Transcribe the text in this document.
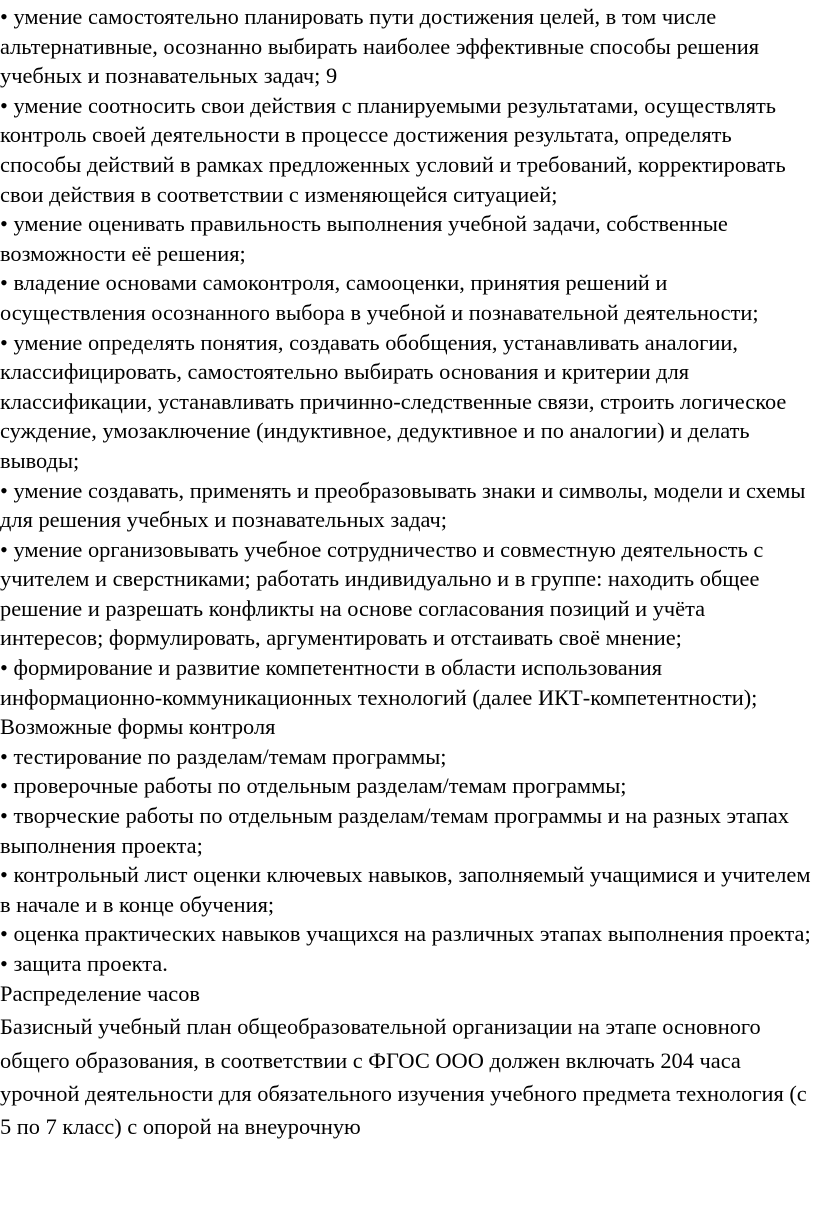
• умение самостоятельно планировать пути достижения целей, в том числе альтернативные, осознанно выбирать наиболее эффективные способы решения учебных и познавательных задач; 9

• умение соотносить свои действия с планируемыми результатами, осуществлять контроль своей деятельности в процессе достижения результата, определять способы действий в рамках предложенных условий и требований, корректировать свои действия в соответствии с изменяющейся ситуацией;

• умение оценивать правильность выполнения учебной задачи, собственные возможности её решения;

• владение основами самоконтроля, самооценки, принятия решений и осуществления осознанного выбора в учебной и познавательной деятельности;

• умение определять понятия, создавать обобщения, устанавливать аналогии, классифицировать, самостоятельно выбирать основания и критерии для классификации, устанавливать причинно-следственные связи, строить логическое суждение, умозаключение (индуктивное, дедуктивное и по аналогии) и делать выводы;

• умение создавать, применять и преобразовывать знаки и символы, модели и схемы для решения учебных и познавательных задач;

• умение организовывать учебное сотрудничество и совместную деятельность с учителем и сверстниками; работать индивидуально и в группе: находить общее решение и разрешать конфликты на основе согласования позиций и учёта интересов; формулировать, аргументировать и отстаивать своё мнение;

• формирование и развитие компетентности в области использования информационно-коммуникационных технологий (далее ИКТ-компетентности); Возможные формы контроля

• тестирование по разделам/темам программы;

• проверочные работы по отдельным разделам/темам программы;

• творческие работы по отдельным разделам/темам программы и на разных этапах выполнения проекта;

• контрольный лист оценки ключевых навыков, заполняемый учащимися и учителем в начале и в конце обучения;

• оценка практических навыков учащихся на различных этапах выполнения проекта;

• защита проекта.

Распределение часов

Базисный учебный план общеобразовательной организации на этапе основного общего образования, в соответствии с ФГОС ООО должен включать 204 часа урочной деятельности для обязательного изучения учебного предмета технология (с 5 по 7 класс) с опорой на внеурочную
